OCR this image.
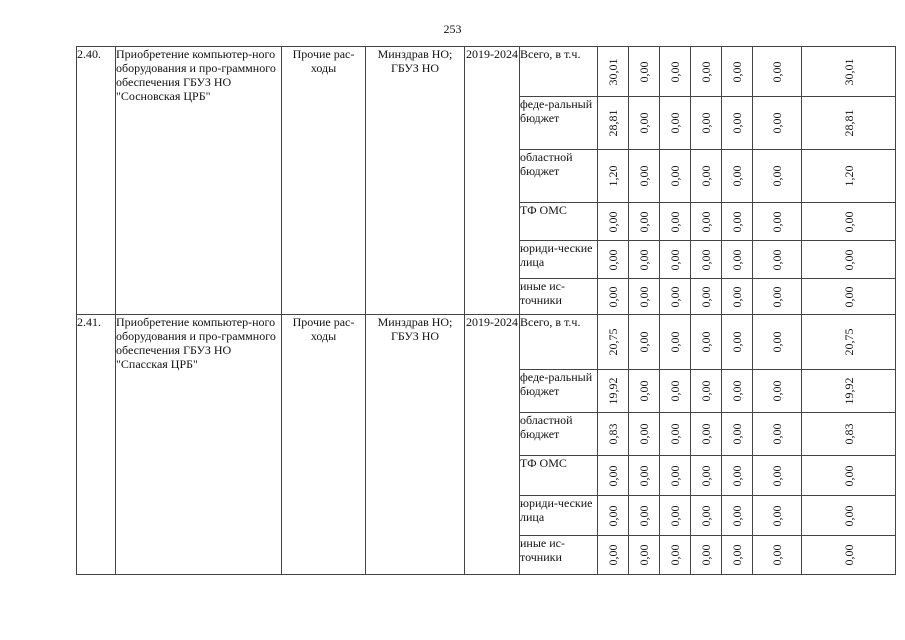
253
2.40.	Приобретение компьютер-ного оборудования и про-граммного обеспечения ГБУЗ НО "Сосновская ЦРБ"	Прочие рас-ходы	Минздрав НО; ГБУЗ НО	2019-2024	Всего, в т.ч.	30,01	0,00	0,00	0,00	0,00	0,00	30,01

					феде-ральный бюджет	28,81	0,00	0,00	0,00	0,00	0,00	28,81

					областной бюджет	1,20	0,00	0,00	0,00	0,00	0,00	1,20

					ТФ ОМС	0,00	0,00	0,00	0,00	0,00	0,00	0,00

					юриди-ческие лица	0,00	0,00	0,00	0,00	0,00	0,00	0,00

					иные ис-точники	0,00	0,00	0,00	0,00	0,00	0,00	0,00

2.41.	Приобретение компьютер-ного оборудования и про-граммного обеспечения ГБУЗ НО "Спасская ЦРБ"	Прочие рас-ходы	Минздрав НО; ГБУЗ НО	2019-2024	Всего, в т.ч.	20,75	0,00	0,00	0,00	0,00	0,00	20,75

					феде-ральный бюджет	19,92	0,00	0,00	0,00	0,00	0,00	19,92

					областной бюджет	0,83	0,00	0,00	0,00	0,00	0,00	0,83

					ТФ ОМС	0,00	0,00	0,00	0,00	0,00	0,00	0,00

					юриди-ческие лица	0,00	0,00	0,00	0,00	0,00	0,00	0,00

					иные ис-точники	0,00	0,00	0,00	0,00	0,00	0,00	0,00
